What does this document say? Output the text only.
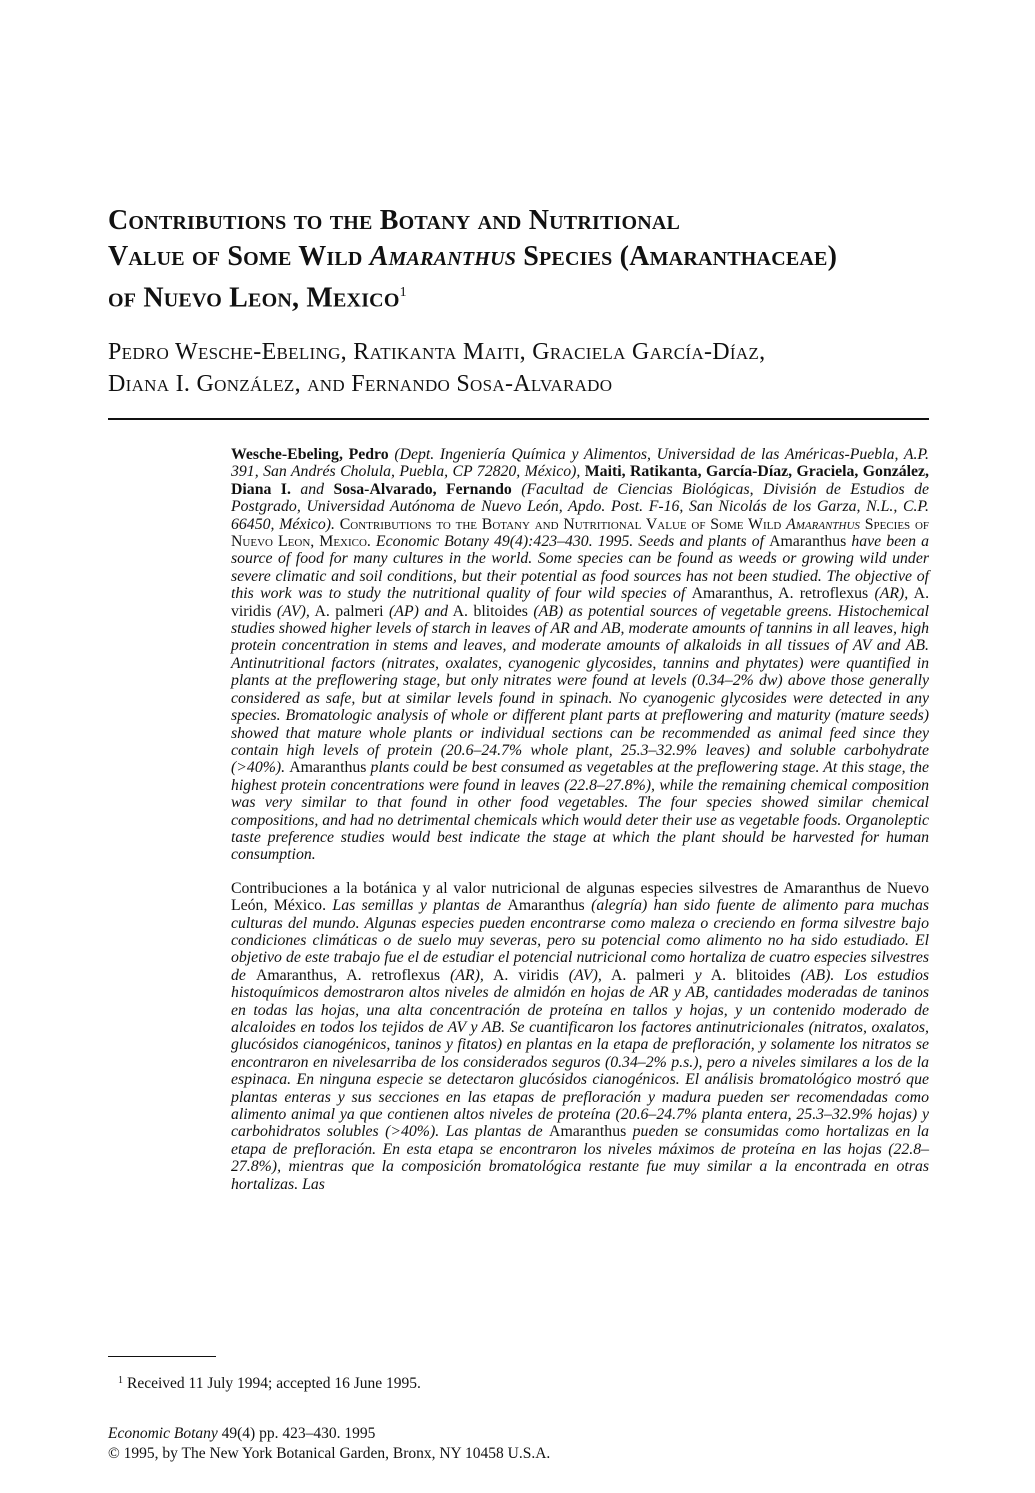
Contributions to the Botany and Nutritional
Value of Some Wild Amaranthus Species (Amaranthaceae)
of Nuevo Leon, Mexico$^1$
Pedro Wesche-Ebeling, Ratikanta Maiti, Graciela García-Díaz,
Diana I. González, and Fernando Sosa-Alvarado

Wesche-Ebeling, Pedro (Dept. Ingeniería Química y Alimentos, Universidad de las Américas-Puebla, A.P. 391, San Andrés Cholula, Puebla, CP 72820, México), Maiti, Ratikanta, García-Díaz, Graciela, González, Diana I. and Sosa-Alvarado, Fernando (Facultad de Ciencias Biológicas, División de Estudios de Postgrado, Universidad Autónoma de Nuevo León, Apdo. Post. F-16, San Nicolás de los Garza, N.L., C.P. 66450, México). Contributions to the Botany and Nutritional Value of Some Wild Amaranthus Species of Nuevo Leon, Mexico. Economic Botany 49(4):423–430. 1995. Seeds and plants of Amaranthus have been a source of food for many cultures in the world. Some species can be found as weeds or growing wild under severe climatic and soil conditions, but their potential as food sources has not been studied. The objective of this work was to study the nutritional quality of four wild species of Amaranthus, A. retroflexus (AR), A. viridis (AV), A. palmeri (AP) and A. blitoides (AB) as potential sources of vegetable greens. Histochemical studies showed higher levels of starch in leaves of AR and AB, moderate amounts of tannins in all leaves, high protein concentration in stems and leaves, and moderate amounts of alkaloids in all tissues of AV and AB. Antinutritional factors (nitrates, oxalates, cyanogenic glycosides, tannins and phytates) were quantified in plants at the preflowering stage, but only nitrates were found at levels (0.34–2% dw) above those generally considered as safe, but at similar levels found in spinach. No cyanogenic glycosides were detected in any species. Bromatologic analysis of whole or different plant parts at preflowering and maturity (mature seeds) showed that mature whole plants or individual sections can be recommended as animal feed since they contain high levels of protein (20.6–24.7% whole plant, 25.3–32.9% leaves) and soluble carbohydrate (>40%). Amaranthus plants could be best consumed as vegetables at the preflowering stage. At this stage, the highest protein concentrations were found in leaves (22.8–27.8%), while the remaining chemical composition was very similar to that found in other food vegetables. The four species showed similar chemical compositions, and had no detrimental chemicals which would deter their use as vegetable foods. Organoleptic taste preference studies would best indicate the stage at which the plant should be harvested for human consumption.

Contribuciones a la botánica y al valor nutricional de algunas especies silvestres de Amaranthus de Nuevo León, México. Las semillas y plantas de Amaranthus (alegría) han sido fuente de alimento para muchas culturas del mundo. Algunas especies pueden encontrarse como maleza o creciendo en forma silvestre bajo condiciones climáticas o de suelo muy severas, pero su potencial como alimento no ha sido estudiado. El objetivo de este trabajo fue el de estudiar el potencial nutricional como hortaliza de cuatro especies silvestres de Amaranthus, A. retroflexus (AR), A. viridis (AV), A. palmeri y A. blitoides (AB). Los estudios histoquímicos demostraron altos niveles de almidón en hojas de AR y AB, cantidades moderadas de taninos en todas las hojas, una alta concentración de proteína en tallos y hojas, y un contenido moderado de alcaloides en todos los tejidos de AV y AB. Se cuantificaron los factores antinutricionales (nitratos, oxalatos, glucósidos cianogénicos, taninos y fitatos) en plantas en la etapa de prefloración, y solamente los nitratos se encontraron en nivelesarriba de los considerados seguros (0.34–2% p.s.), pero a niveles similares a los de la espinaca. En ninguna especie se detectaron glucósidos cianogénicos. El análisis bromatológico mostró que plantas enteras y sus secciones en las etapas de prefloración y madura pueden ser recomendadas como alimento animal ya que contienen altos niveles de proteína (20.6–24.7% planta entera, 25.3–32.9% hojas) y carbohidratos solubles (>40%). Las plantas de Amaranthus pueden se consumidas como hortalizas en la etapa de prefloración. En esta etapa se encontraron los niveles máximos de proteína en las hojas (22.8–27.8%), mientras que la composición bromatológica restante fue muy similar a la encontrada en otras hortalizas. Las

$^1$ Received 11 July 1994; accepted 16 June 1995.
Economic Botany 49(4) pp. 423–430. 1995
© 1995, by The New York Botanical Garden, Bronx, NY 10458 U.S.A.
